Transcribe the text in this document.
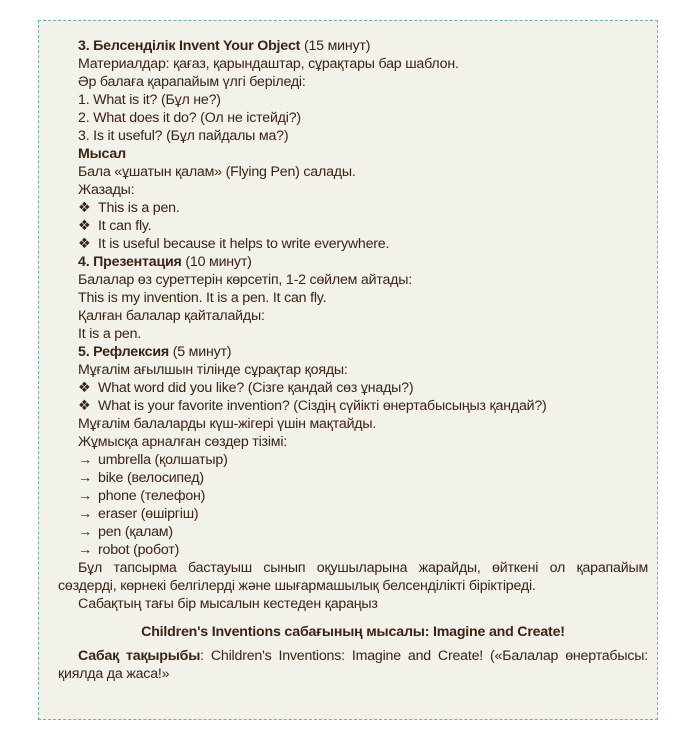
3. Белсенділік Invent Your Object (15 минут)
Материалдар: қағаз, қарындаштар, сұрақтары бар шаблон.
Әр балаға қарапайым үлгі беріледі:
1. What is it? (Бұл не?)
2. What does it do? (Ол не істейді?)
3. Is it useful? (Бұл пайдалы ма?)
Мысал
Бала «ұшатын қалам» (Flying Pen) салады.
Жазады:
❖ This is a pen.
❖ It can fly.
❖ It is useful because it helps to write everywhere.
4. Презентация (10 минут)
Балалар өз суреттерін көрсетіп, 1-2 сөйлем айтады:
This is my invention. It is a pen. It can fly.
Қалған балалар қайталайды:
It is a pen.
5. Рефлексия (5 минут)
Мұғалім ағылшын тілінде сұрақтар қояды:
❖ What word did you like? (Сізге қандай сөз ұнады?)
❖ What is your favorite invention? (Сіздің сүйікті өнертабысыңыз қандай?)
Мұғалім балаларды күш-жігері үшін мақтайды.
Жұмысқа арналған сөздер тізімі:
→ umbrella (қолшатыр)
→ bike (велосипед)
→ phone (телефон)
→ eraser (өшіргіш)
→ pen (қалам)
→ robot (робот)
Бұл тапсырма бастауыш сынып оқушыларына жарайды, өйткені ол қарапайым сөздерді, көрнекі белгілерді және шығармашылық белсенділікті біріктіреді.
Сабақтың тағы бір мысалын кестеден қараңыз
Children's Inventions сабағының мысалы: Imagine and Create!
Сабақ тақырыбы: Children's Inventions: Imagine and Create! («Балалар өнертабысы: қиялда да жаса!»
